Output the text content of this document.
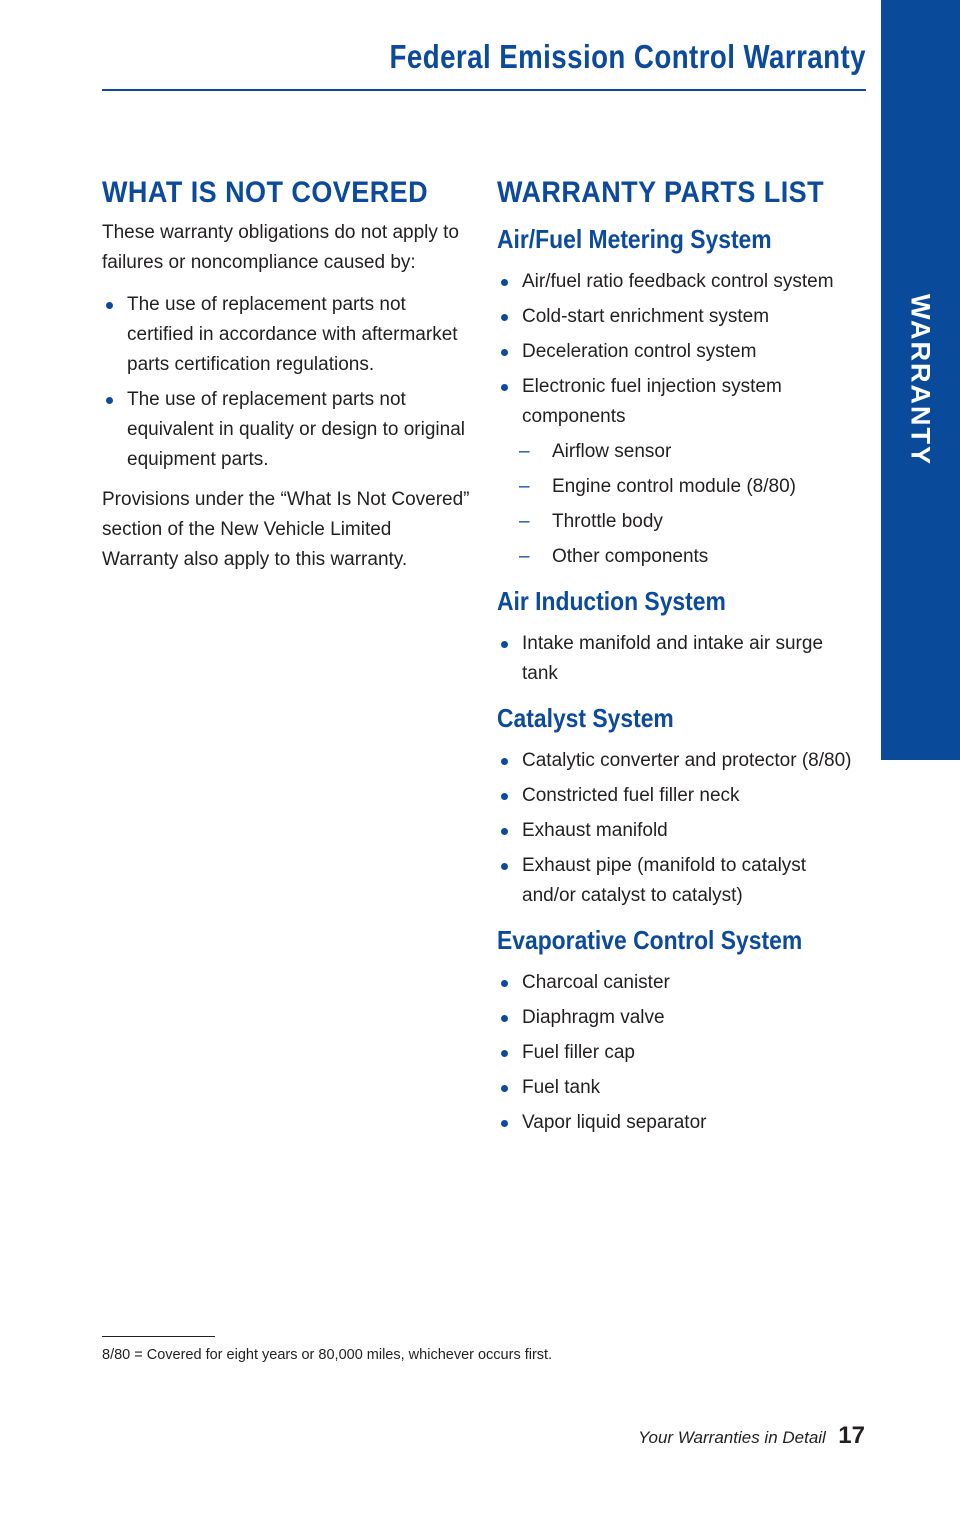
Federal Emission Control Warranty
WARRANTY
WHAT IS NOT COVERED

These warranty obligations do not apply to failures or noncompliance caused by:

The use of replacement parts not certified in accordance with aftermarket parts certification regulations.
The use of replacement parts not equivalent in quality or design to original equipment parts.

Provisions under the “What Is Not Covered” section of the New Vehicle Limited Warranty also apply to this warranty.

WARRANTY PARTS LIST
Air/Fuel Metering System
Air/fuel ratio feedback control system
Cold-start enrichment system
Deceleration control system
Electronic fuel injection system components
– Airflow sensor
– Engine control module (8/80)
– Throttle body
– Other components
Air Induction System
Intake manifold and intake air surge tank
Catalyst System
Catalytic converter and protector (8/80)
Constricted fuel filler neck
Exhaust manifold
Exhaust pipe (manifold to catalyst and/or catalyst to catalyst)
Evaporative Control System
Charcoal canister
Diaphragm valve
Fuel filler cap
Fuel tank
Vapor liquid separator
8/80 = Covered for eight years or 80,000 miles, whichever occurs first.
Your Warranties in Detail 17
